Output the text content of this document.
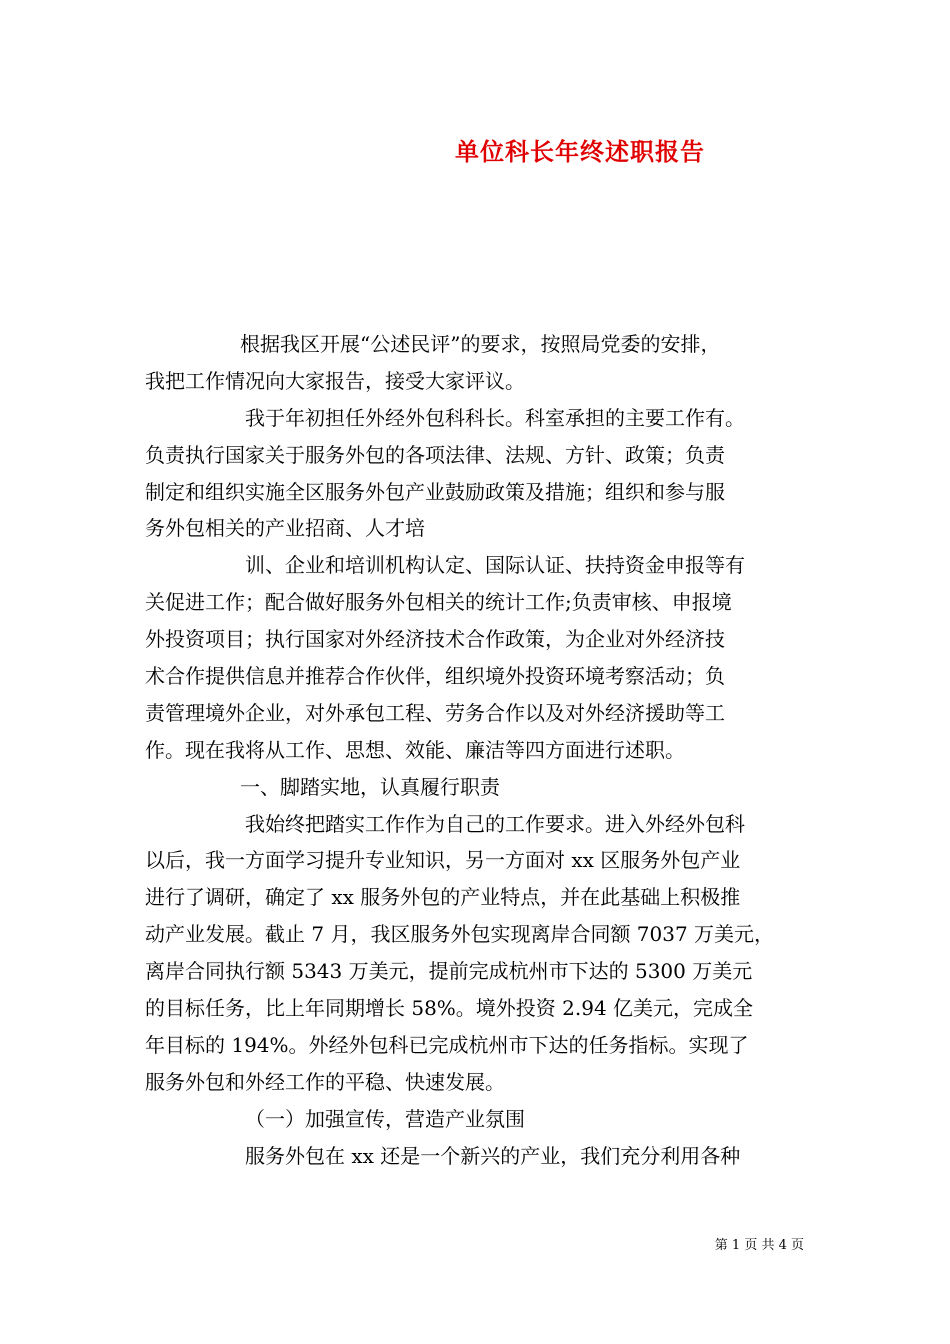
单位科长年终述职报告
根据我区开展“公述民评”的要求，按照局党委的安排，
我把工作情况向大家报告，接受大家评议。
我于年初担任外经外包科科长。科室承担的主要工作有。
负责执行国家关于服务外包的各项法律、法规、方针、政策；负责
制定和组织实施全区服务外包产业鼓励政策及措施；组织和参与服
务外包相关的产业招商、人才培
训、企业和培训机构认定、国际认证、扶持资金申报等有
关促进工作；配合做好服务外包相关的统计工作;负责审核、申报境
外投资项目；执行国家对外经济技术合作政策，为企业对外经济技
术合作提供信息并推荐合作伙伴，组织境外投资环境考察活动；负
责管理境外企业，对外承包工程、劳务合作以及对外经济援助等工
作。现在我将从工作、思想、效能、廉洁等四方面进行述职。
一、脚踏实地，认真履行职责
我始终把踏实工作作为自己的工作要求。进入外经外包科
以后，我一方面学习提升专业知识，另一方面对 xx 区服务外包产业
进行了调研，确定了 xx 服务外包的产业特点，并在此基础上积极推
动产业发展。截止 7 月，我区服务外包实现离岸合同额 7037 万美元，
离岸合同执行额 5343 万美元，提前完成杭州市下达的 5300 万美元
的目标任务，比上年同期增长 58%。境外投资 2.94 亿美元，完成全
年目标的 194%。外经外包科已完成杭州市下达的任务指标。实现了
服务外包和外经工作的平稳、快速发展。
（一）加强宣传，营造产业氛围
服务外包在 xx 还是一个新兴的产业，我们充分利用各种
第 1 页 共 4 页
